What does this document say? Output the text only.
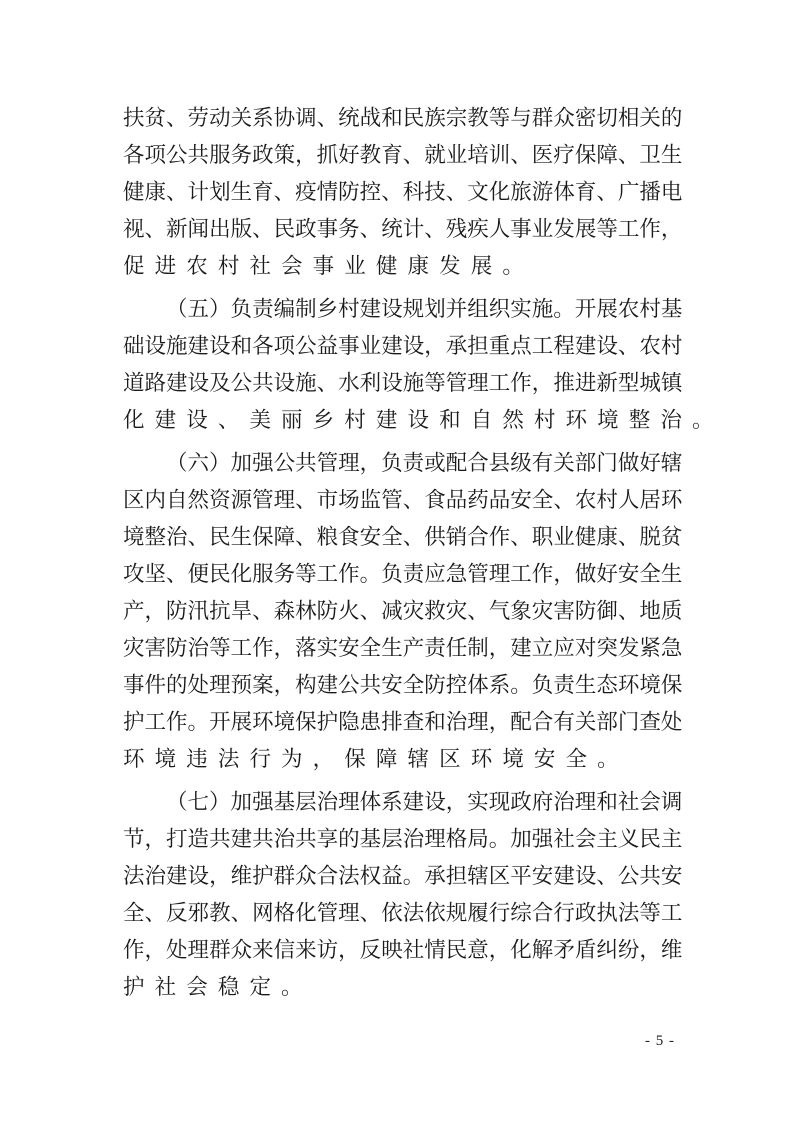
扶 贫 、 劳 动 关 系 协 调 、 统 战 和 民 族 宗 教 等 与 群 众 密 切 相 关 的
各 项 公 共 服 务 政 策 ， 抓 好 教 育 、 就 业 培 训 、 医 疗 保 障 、 卫 生
健 康 、 计 划 生 育 、 疫 情 防 控 、 科 技 、 文 化 旅 游 体 育 、 广 播 电
视 、 新 闻 出 版 、 民 政 事 务 、 统 计 、 残 疾 人 事 业 发 展 等 工 作 ，
促 进 农 村 社 会 事 业 健 康 发 展 。
（ 五 ） 负 责 编 制 乡 村 建 设 规 划 并 组 织 实 施 。 开 展 农 村 基
础 设 施 建 设 和 各 项 公 益 事 业 建 设 ， 承 担 重 点 工 程 建 设 、 农 村
道 路 建 设 及 公 共 设 施 、 水 利 设 施 等 管 理 工 作 ， 推 进 新 型 城 镇
化 建 设 、 美 丽 乡 村 建 设 和 自 然 村 环 境 整 治 。
（ 六 ） 加 强 公 共 管 理 ， 负 责 或 配 合 县 级 有 关 部 门 做 好 辖
区 内 自 然 资 源 管 理 、 市 场 监 管 、 食 品 药 品 安 全 、 农 村 人 居 环
境 整 治 、 民 生 保 障 、 粮 食 安 全 、 供 销 合 作 、 职 业 健 康 、 脱 贫
攻 坚 、 便 民 化 服 务 等 工 作 。 负 责 应 急 管 理 工 作 ， 做 好 安 全 生
产 ， 防 汛 抗 旱 、 森 林 防 火 、 减 灾 救 灾 、 气 象 灾 害 防 御 、 地 质
灾 害 防 治 等 工 作 ， 落 实 安 全 生 产 责 任 制 ， 建 立 应 对 突 发 紧 急
事 件 的 处 理 预 案 ， 构 建 公 共 安 全 防 控 体 系 。 负 责 生 态 环 境 保
护 工 作 。 开 展 环 境 保 护 隐 患 排 查 和 治 理 ， 配 合 有 关 部 门 查 处
环 境 违 法 行 为 ， 保 障 辖 区 环 境 安 全 。
（ 七 ） 加 强 基 层 治 理 体 系 建 设 ， 实 现 政 府 治 理 和 社 会 调
节 ， 打 造 共 建 共 治 共 享 的 基 层 治 理 格 局 。 加 强 社 会 主 义 民 主
法 治 建 设 ， 维 护 群 众 合 法 权 益 。 承 担 辖 区 平 安 建 设 、 公 共 安
全 、 反 邪 教 、 网 格 化 管 理 、 依 法 依 规 履 行 综 合 行 政 执 法 等 工
作 ， 处 理 群 众 来 信 来 访 ， 反 映 社 情 民 意 ， 化 解 矛 盾 纠 纷 ， 维
护 社 会 稳 定 。
- 5 -
